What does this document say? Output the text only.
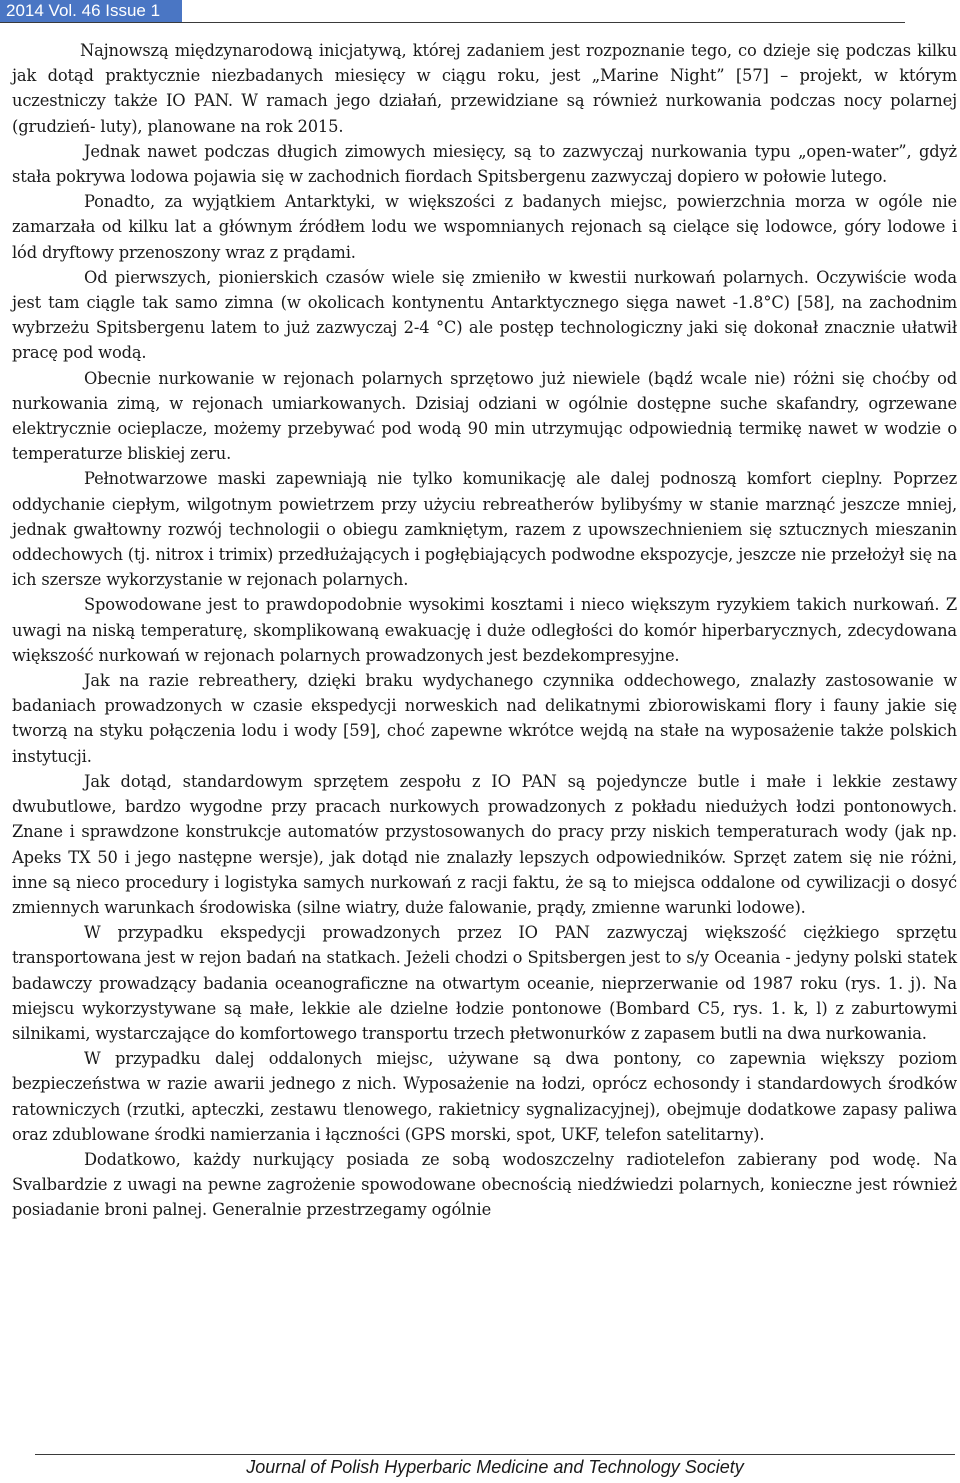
2014 Vol. 46 Issue 1

Najnowszą międzynarodową inicjatywą, której zadaniem jest rozpoznanie tego, co dzieje się podczas kilku jak dotąd praktycznie niezbadanych miesięcy w ciągu roku, jest „Marine Night” [57] – projekt, w którym uczestniczy także IO PAN. W ramach jego działań, przewidziane są również nurkowania podczas nocy polarnej (grudzień- luty), planowane na rok 2015.

Jednak nawet podczas długich zimowych miesięcy, są to zazwyczaj nurkowania typu „open-water”, gdyż stała pokrywa lodowa pojawia się w zachodnich fiordach Spitsbergenu zazwyczaj dopiero w połowie lutego.

Ponadto, za wyjątkiem Antarktyki, w większości z badanych miejsc, powierzchnia morza w ogóle nie zamarzała od kilku lat a głównym źródłem lodu we wspomnianych rejonach są cielące się lodowce, góry lodowe i lód dryftowy przenoszony wraz z prądami.

Od pierwszych, pionierskich czasów wiele się zmieniło w kwestii nurkowań polarnych. Oczywiście woda jest tam ciągle tak samo zimna (w okolicach kontynentu Antarktycznego sięga nawet -1.8°C) [58], na zachodnim wybrzeżu Spitsbergenu latem to już zazwyczaj 2-4 °C) ale postęp technologiczny jaki się dokonał znacznie ułatwił pracę pod wodą.

Obecnie nurkowanie w rejonach polarnych sprzętowo już niewiele (bądź wcale nie) różni się choćby od nurkowania zimą, w rejonach umiarkowanych. Dzisiaj odziani w ogólnie dostępne suche skafandry, ogrzewane elektrycznie ocieplacze, możemy przebywać pod wodą 90 min utrzymując odpowiednią termikę nawet w wodzie o temperaturze bliskiej zeru.

Pełnotwarzowe maski zapewniają nie tylko komunikację ale dalej podnoszą komfort cieplny. Poprzez oddychanie ciepłym, wilgotnym powietrzem przy użyciu rebreatherów bylibyśmy w stanie marznąć jeszcze mniej, jednak gwałtowny rozwój technologii o obiegu zamkniętym, razem z upowszechnieniem się sztucznych mieszanin oddechowych (tj. nitrox i trimix) przedłużających i pogłębiających podwodne ekspozycje, jeszcze nie przełożył się na ich szersze wykorzystanie w rejonach polarnych.

Spowodowane jest to prawdopodobnie wysokimi kosztami i nieco większym ryzykiem takich nurkowań. Z uwagi na niską temperaturę, skomplikowaną ewakuację i duże odległości do komór hiperbarycznych, zdecydowana większość nurkowań w rejonach polarnych prowadzonych jest bezdekompresyjne.

Jak na razie rebreathery, dzięki braku wydychanego czynnika oddechowego, znalazły zastosowanie w badaniach prowadzonych w czasie ekspedycji norweskich nad delikatnymi zbiorowiskami flory i fauny jakie się tworzą na styku połączenia lodu i wody [59], choć zapewne wkrótce wejdą na stałe na wyposażenie także polskich instytucji.

Jak dotąd, standardowym sprzętem zespołu z IO PAN są pojedyncze butle i małe i lekkie zestawy dwubutlowe, bardzo wygodne przy pracach nurkowych prowadzonych z pokładu niedużych łodzi pontonowych. Znane i sprawdzone konstrukcje automatów przystosowanych do pracy przy niskich temperaturach wody (jak np. Apeks TX 50 i jego następne wersje), jak dotąd nie znalazły lepszych odpowiedników. Sprzęt zatem się nie różni, inne są nieco procedury i logistyka samych nurkowań z racji faktu, że są to miejsca oddalone od cywilizacji o dosyć zmiennych warunkach środowiska (silne wiatry, duże falowanie, prądy, zmienne warunki lodowe).

W przypadku ekspedycji prowadzonych przez IO PAN zazwyczaj większość ciężkiego sprzętu transportowana jest w rejon badań na statkach. Jeżeli chodzi o Spitsbergen jest to s/y Oceania - jedyny polski statek badawczy prowadzący badania oceanograficzne na otwartym oceanie, nieprzerwanie od 1987 roku (rys. 1. j). Na miejscu wykorzystywane są małe, lekkie ale dzielne łodzie pontonowe (Bombard C5, rys. 1. k, l) z zaburtowymi silnikami, wystarczające do komfortowego transportu trzech płetwonurków z zapasem butli na dwa nurkowania.

W przypadku dalej oddalonych miejsc, używane są dwa pontony, co zapewnia większy poziom bezpieczeństwa w razie awarii jednego z nich. Wyposażenie na łodzi, oprócz echosondy i standardowych środków ratowniczych (rzutki, apteczki, zestawu tlenowego, rakietnicy sygnalizacyjnej), obejmuje dodatkowe zapasy paliwa oraz zdublowane środki namierzania i łączności (GPS morski, spot, UKF, telefon satelitarny).

Dodatkowo, każdy nurkujący posiada ze sobą wodoszczelny radiotelefon zabierany pod wodę. Na Svalbardzie z uwagi na pewne zagrożenie spowodowane obecnością niedźwiedzi polarnych, konieczne jest również posiadanie broni palnej. Generalnie przestrzegamy ogólnie

Journal of Polish Hyperbaric Medicine and Technology Society
